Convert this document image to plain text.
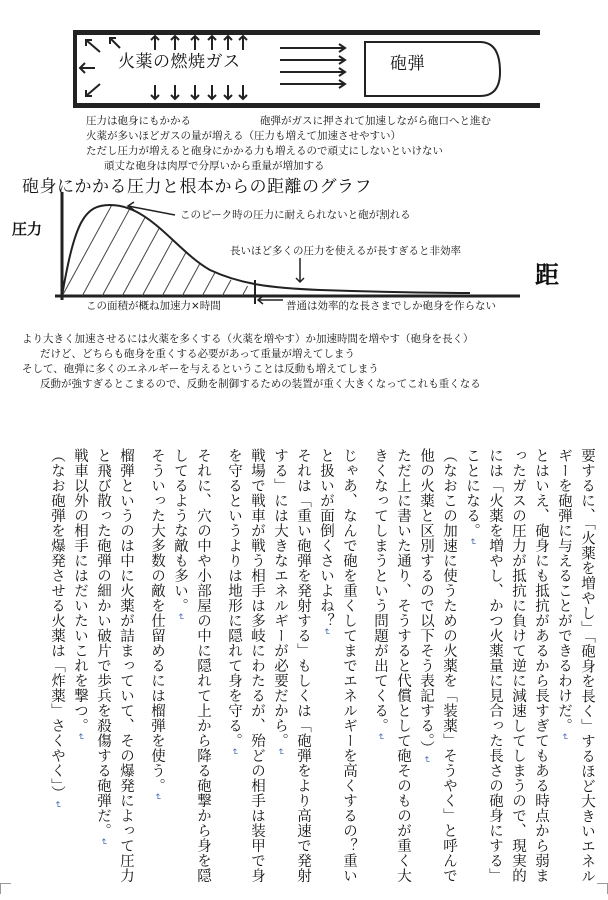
火薬の燃焼ガス	砲弾
圧力は砲身にもかかる	砲弾がガスに押されて加速しながら砲口へと進む
火薬が多いほどガスの量が増える（圧力も増えて加速させやすい）
ただし圧力が増えると砲身にかかる力も増えるので頑丈にしないといけない
頑丈な砲身は肉厚で分厚いから重量が増加する
砲身にかかる圧力と根本からの距離のグラフ
圧力
距
このピーク時の圧力に耐えられないと砲が割れる
長いほど多くの圧力を使えるが長すぎると非効率
この面積が概ね加速力×時間	普通は効率的な長さまでしか砲身を作らない
より大きく加速させるには火薬を多くする（火薬を増やす）か加速時間を増やす（砲身を長く）
だけど、どちらも砲身を重くする必要があって重量が増えてしまう
そして、砲弾に多くのエネルギーを与えるということは反動も増えてしまう
反動が強すぎるとこまるので、反動を制御するための装置が重く大きくなってこれも重くなる

要するに、「火薬を増やし」「砲身を長く」するほど大きいエネルギーを砲弾に与えることができるわけだ。↵

とはいえ、砲身にも抵抗があるから長すぎてもある時点から弱まったガスの圧力が抵抗に負けて逆に減速してしまうので、現実的には「火薬を増やし、かつ火薬量に見合った長さの砲身にする」ことになる。↵

（なおこの加速に使うための火薬を「装薬」そうやく」と呼んで他の火薬と区別するので以下そう表記する。）↵

ただ上に書いた通り、そうすると代償として砲そのものが重く大きくなってしまうという問題が出てくる。↵

じゃあ、なんで砲を重くしてまでエネルギーを高くするの？重いと扱いが面倒くさいよね？↵

それは「重い砲弾を発射する」もしくは「砲弾をより高速で発射する」には大きなエネルギーが必要だから。↵

戦場で戦車が戦う相手は多岐にわたるが、殆どの相手は装甲で身を守るというよりは地形に隠れて身を守る。↵

それに、穴の中や小部屋の中に隠れて上から降る砲撃から身を隠してるような敵も多い。↵

そういった大多数の敵を仕留めるには榴弾を使う。↵

榴弾というのは中に火薬が詰まっていて、その爆発によって圧力と飛び散った砲弾の細かい破片で歩兵を殺傷する砲弾だ。↵

戦車以外の相手にはだいたいこれを撃つ。↵

（なお砲弾を爆発させる火薬は「炸薬」さくやく」）↵
